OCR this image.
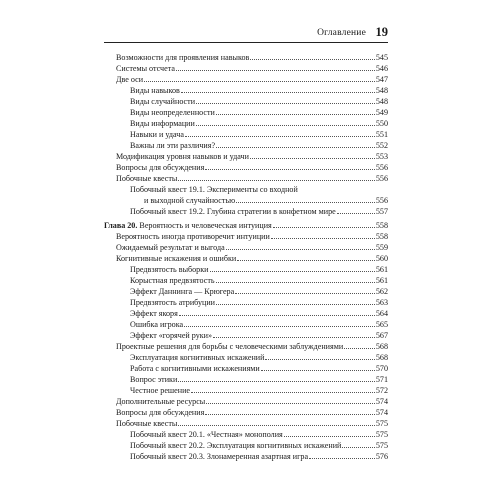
Оглавление 19
Возможности для проявления навыков	545
Системы отсчета	546
Две оси	547
Виды навыков	548
Виды случайности	548
Виды неопределенности	549
Виды информации	550
Навыки и удача	551
Важны ли эти различия?	552
Модификация уровня навыков и удачи	553
Вопросы для обсуждения	556
Побочные квесты	556
Побочный квест 19.1. Эксперименты со входной
и выходной случайностью	556
Побочный квест 19.2. Глубина стратегии в конфетном мире	557
Глава 20. Вероятность и человеческая интуиция	558
Вероятность иногда противоречит интуиции	558
Ожидаемый результат и выгода	559
Когнитивные искажения и ошибки	560
Предвзятость выборки	561
Корыстная предвзятость	561
Эффект Даннинга — Крюгера	562
Предвзятость атрибуции	563
Эффект якоря	564
Ошибка игрока	565
Эффект «горячей руки»	567
Проектные решения для борьбы с человеческими заблуждениями	568
Эксплуатация когнитивных искажений	568
Работа с когнитивными искажениями	570
Вопрос этики	571
Честное решение	572
Дополнительные ресурсы	574
Вопросы для обсуждения	574
Побочные квесты	575
Побочный квест 20.1. «Честная» монополия	575
Побочный квест 20.2. Эксплуатация когнитивных искажений	575
Побочный квест 20.3. Злонамеренная азартная игра	576
